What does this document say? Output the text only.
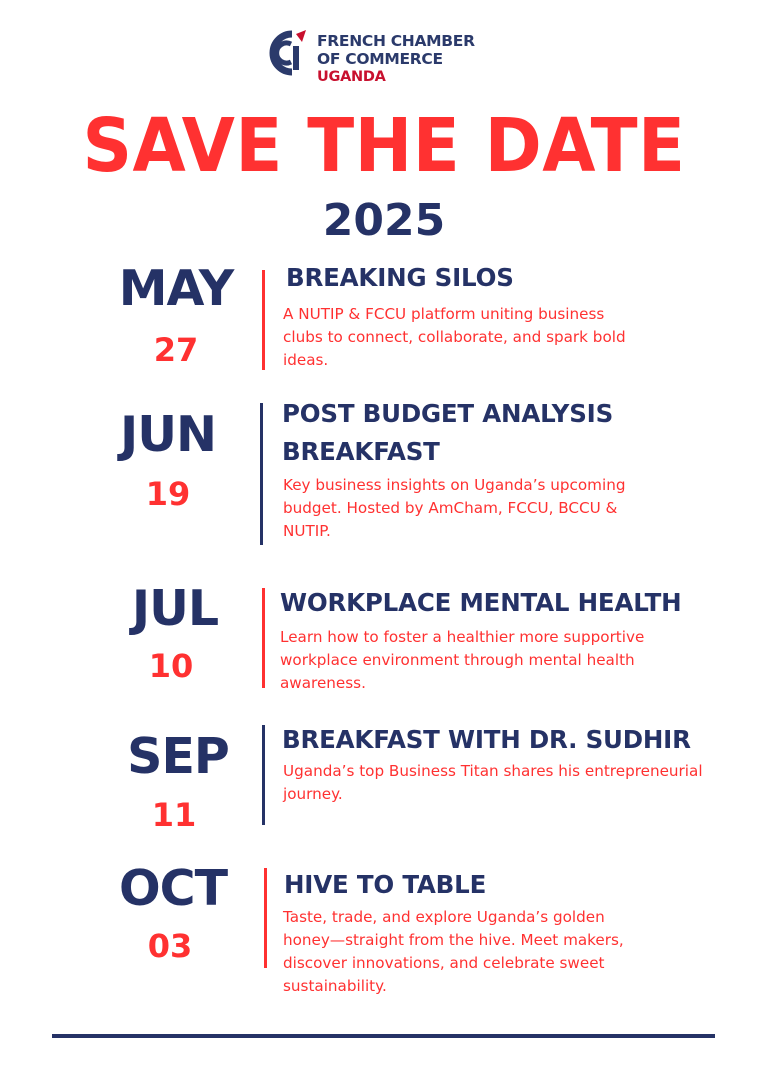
FRENCH CHAMBER
OF COMMERCE
UGANDA
SAVE THE DATE
2025
MAY
27
BREAKING SILOS
A NUTIP & FCCU platform uniting business
clubs to connect, collaborate, and spark bold
ideas.
JUN
19
POST BUDGET ANALYSIS
BREAKFAST
Key business insights on Uganda’s upcoming
budget. Hosted by AmCham, FCCU, BCCU &
NUTIP.
JUL
10
WORKPLACE MENTAL HEALTH
Learn how to foster a healthier more supportive
workplace environment through mental health
awareness.
SEP
11
BREAKFAST WITH DR. SUDHIR
Uganda’s top Business Titan shares his entrepreneurial
journey.
OCT
03
HIVE TO TABLE
Taste, trade, and explore Uganda’s golden
honey—straight from the hive. Meet makers,
discover innovations, and celebrate sweet
sustainability.
